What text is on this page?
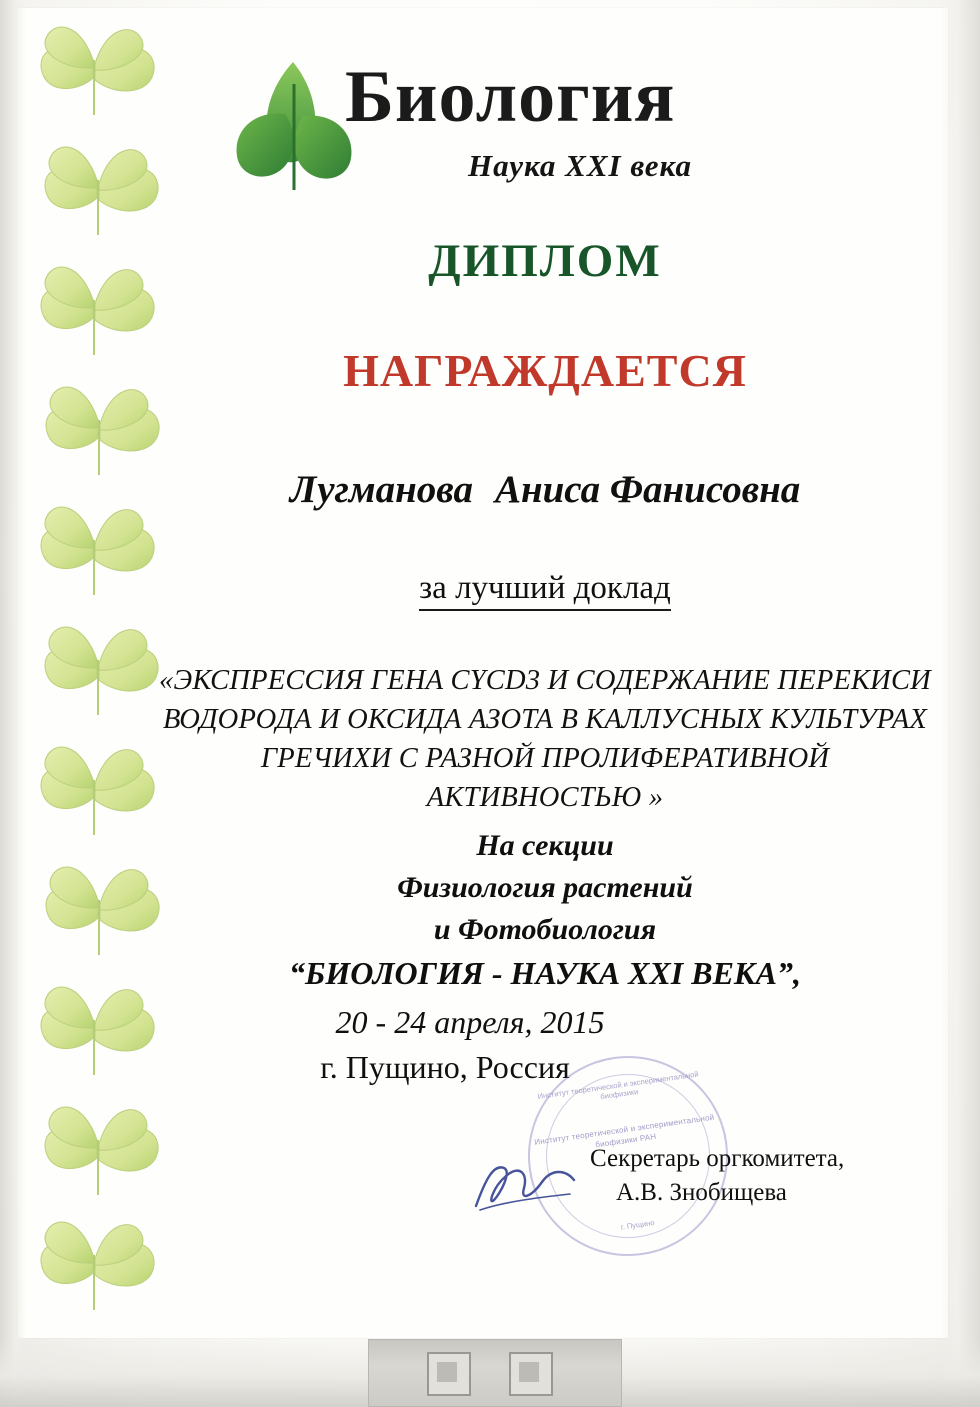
Биология
Наука XXI века
ДИПЛОМ
НАГРАЖДАЕТСЯ
Лугманова Аниса Фанисовна
за лучший доклад
«ЭКСПРЕССИЯ ГЕНА CYCD3 И СОДЕРЖАНИЕ ПЕРЕКИСИ ВОДОРОДА И ОКСИДА АЗОТА В КАЛЛУСНЫХ КУЛЬТУРАХ ГРЕЧИХИ С РАЗНОЙ ПРОЛИФЕРАТИВНОЙ АКТИВНОСТЬЮ »
На секции
Физиология растений
и Фотобиология
“БИОЛОГИЯ - НАУКА XXI ВЕКА”,
20 - 24 апреля, 2015
г. Пущино, Россия
Институт теоретической и экспериментальной биофизики
Институт теоретической и экспериментальной биофизики РАН
г. Пущино
Секретарь оргкомитета,
А.В. Знобищева
